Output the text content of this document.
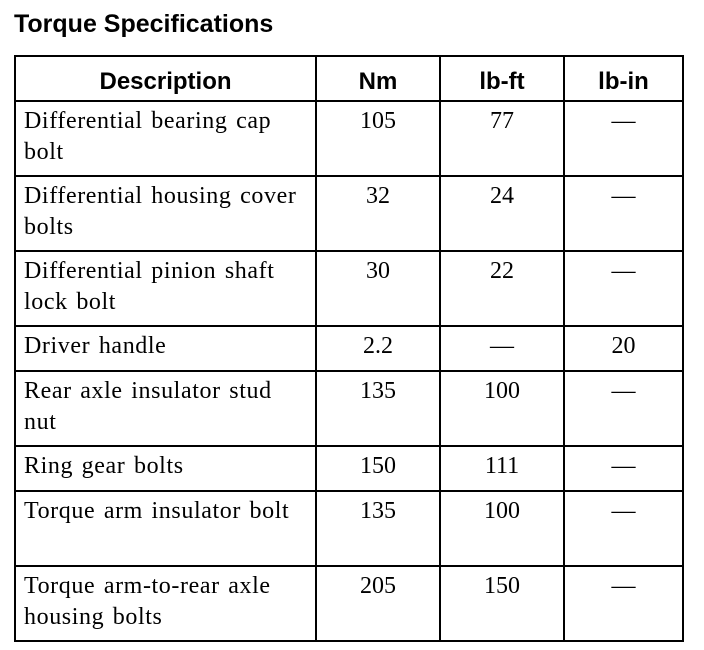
Torque Specifications
Description	Nm	lb-ft	lb-in
Differential bearing cap bolt	105	77	—
Differential housing cover bolts	32	24	—
Differential pinion shaft lock bolt	30	22	—
Driver handle	2.2	—	20
Rear axle insulator stud nut	135	100	—
Ring gear bolts	150	111	—
Torque arm insulator bolt	135	100	—
Torque arm-to-rear axle housing bolts	205	150	—
